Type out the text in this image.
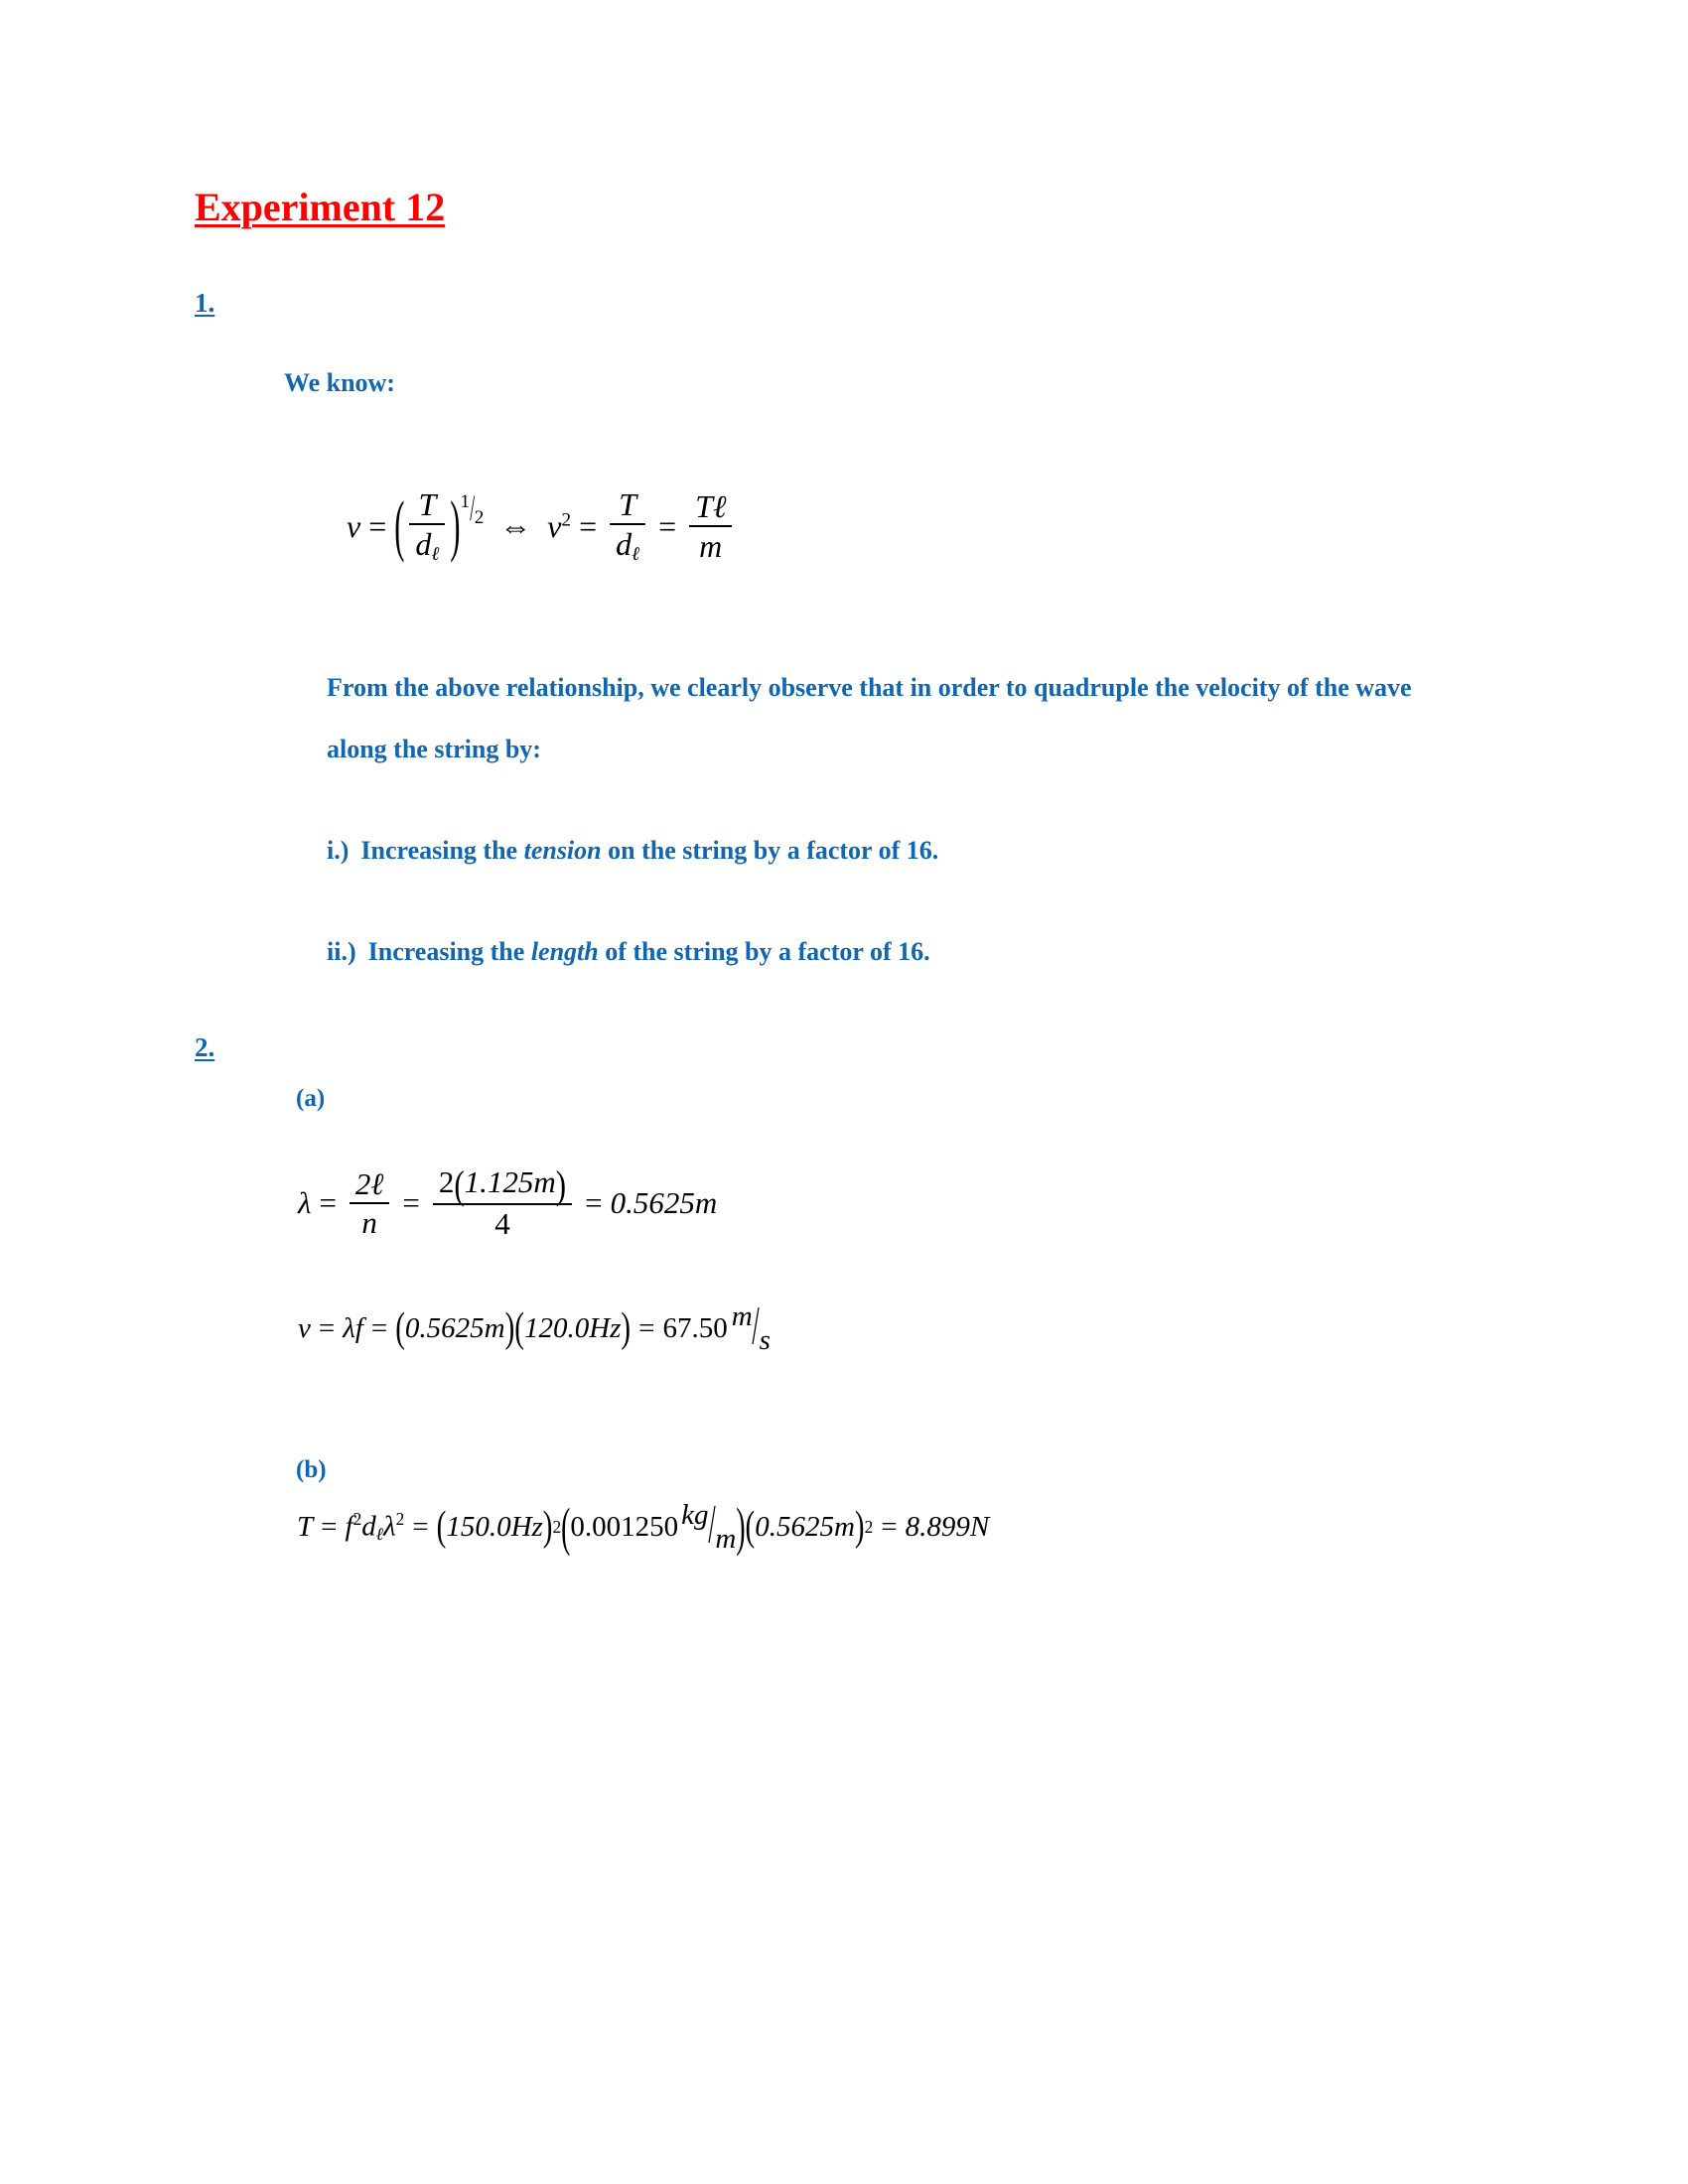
Experiment 12
1.
We know:
v = ( $\frac{T}{d_\ell}$ ) 1/2 ⇔ $v^2 = \frac{T}{d_\ell} = \frac{\text{Tℓ}}{m}$
From the above relationship, we clearly observe that in order to quadruple the velocity of the wave along the string by:
i.) Increasing the tension on the string by a factor of 16.
ii.) Increasing the length of the string by a factor of 16.
2.
(a)
$\lambda = \frac{\text{2ℓ}}{n} = \frac{2(1.125m)}{4} = 0.5625m$
v = λf = ( 0.5625m ) ( 120.0Hz ) = 67.50 m/s
(b)
$T = f^2d_\ell\lambda^2$ = ( 150.0Hz ) 2 ( 0.001250 kg/m ) ( 0.5625m ) 2 = 8.899N
